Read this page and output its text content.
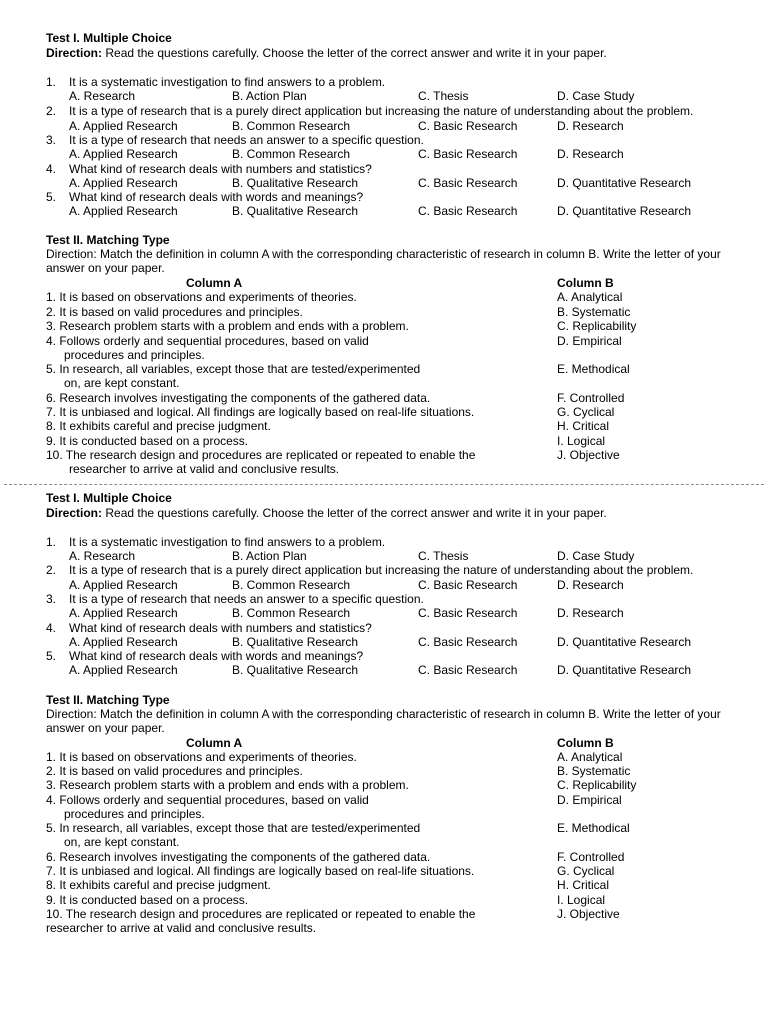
Test I. Multiple Choice
Direction: Read the questions carefully. Choose the letter of the correct answer and write it in your paper.
1. It is a systematic investigation to find answers to a problem.
A. Research	B. Action Plan	C. Thesis	D. Case Study
2. It is a type of research that is a purely direct application but increasing the nature of understanding about the problem.
A. Applied Research	B. Common Research	C. Basic Research	D. Research
3. It is a type of research that needs an answer to a specific question.
A. Applied Research	B. Common Research	C. Basic Research	D. Research
4. What kind of research deals with numbers and statistics?
A. Applied Research	B. Qualitative Research	C. Basic Research	D. Quantitative Research
5. What kind of research deals with words and meanings?
A. Applied Research	B. Qualitative Research	C. Basic Research	D. Quantitative Research
Test II. Matching Type
Direction: Match the definition in column A with the corresponding characteristic of research in column B. Write the letter of your
answer on your paper.
Column A	Column B
1. It is based on observations and experiments of theories.	A. Analytical
2. It is based on valid procedures and principles.	B. Systematic
3. Research problem starts with a problem and ends with a problem.	C. Replicability
4. Follows orderly and sequential procedures, based on valid	D. Empirical
procedures and principles.
5. In research, all variables, except those that are tested/experimented	E. Methodical
on, are kept constant.
6. Research involves investigating the components of the gathered data.	F. Controlled
7. It is unbiased and logical. All findings are logically based on real-life situations.	G. Cyclical
8. It exhibits careful and precise judgment.	H. Critical
9. It is conducted based on a process.	I. Logical
10. The research design and procedures are replicated or repeated to enable the	J. Objective
researcher to arrive at valid and conclusive results.
Test I. Multiple Choice
Direction: Read the questions carefully. Choose the letter of the correct answer and write it in your paper.
1. It is a systematic investigation to find answers to a problem.
A. Research	B. Action Plan	C. Thesis	D. Case Study
2. It is a type of research that is a purely direct application but increasing the nature of understanding about the problem.
A. Applied Research	B. Common Research	C. Basic Research	D. Research
3. It is a type of research that needs an answer to a specific question.
A. Applied Research	B. Common Research	C. Basic Research	D. Research
4. What kind of research deals with numbers and statistics?
A. Applied Research	B. Qualitative Research	C. Basic Research	D. Quantitative Research
5. What kind of research deals with words and meanings?
A. Applied Research	B. Qualitative Research	C. Basic Research	D. Quantitative Research
Test II. Matching Type
Direction: Match the definition in column A with the corresponding characteristic of research in column B. Write the letter of your
answer on your paper.
Column A	Column B
1. It is based on observations and experiments of theories.	A. Analytical
2. It is based on valid procedures and principles.	B. Systematic
3. Research problem starts with a problem and ends with a problem.	C. Replicability
4. Follows orderly and sequential procedures, based on valid	D. Empirical
procedures and principles.
5. In research, all variables, except those that are tested/experimented	E. Methodical
on, are kept constant.
6. Research involves investigating the components of the gathered data.	F. Controlled
7. It is unbiased and logical. All findings are logically based on real-life situations.	G. Cyclical
8. It exhibits careful and precise judgment.	H. Critical
9. It is conducted based on a process.	I. Logical
10. The research design and procedures are replicated or repeated to enable the	J. Objective
researcher to arrive at valid and conclusive results.
